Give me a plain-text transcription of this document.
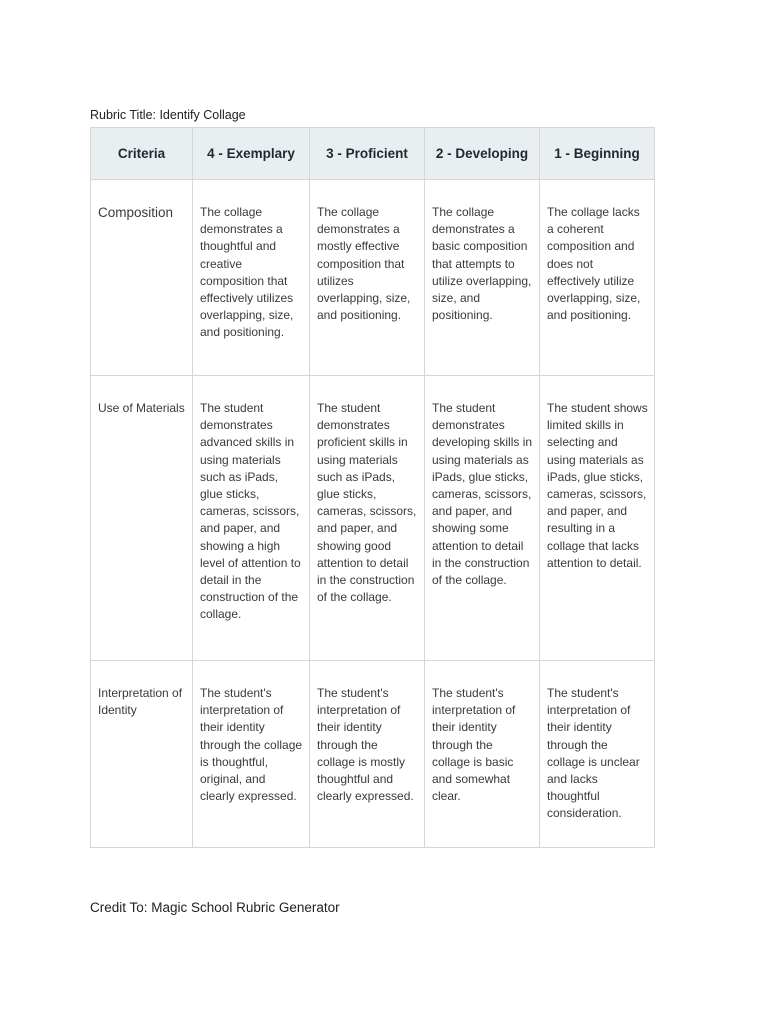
Rubric Title: Identify Collage
Criteria	4 - Exemplary	3 - Proficient	2 - Developing	1 - Beginning
Composition	The collage demonstrates a thoughtful and creative composition that effectively utilizes overlapping, size, and positioning.	The collage demonstrates a mostly effective composition that utilizes overlapping, size, and positioning.	The collage demonstrates a basic composition that attempts to utilize overlapping, size, and positioning.	The collage lacks a coherent composition and does not effectively utilize overlapping, size, and positioning.
Use of Materials	The student demonstrates advanced skills in using materials such as iPads, glue sticks, cameras, scissors, and paper, and showing a high level of attention to detail in the construction of the collage.	The student demonstrates proficient skills in using materials such as iPads, glue sticks, cameras, scissors, and paper, and showing good attention to detail in the construction of the collage.	The student demonstrates developing skills in using materials as iPads, glue sticks, cameras, scissors, and paper, and showing some attention to detail in the construction of the collage.	The student shows limited skills in selecting and using materials as iPads, glue sticks, cameras, scissors, and paper, and resulting in a collage that lacks attention to detail.
Interpretation of Identity	The student's interpretation of their identity through the collage is thoughtful, original, and clearly expressed.	The student's interpretation of their identity through the collage is mostly thoughtful and clearly expressed.	The student's interpretation of their identity through the collage is basic and somewhat clear.	The student's interpretation of their identity through the collage is unclear and lacks thoughtful consideration.
Credit To: Magic School Rubric Generator
